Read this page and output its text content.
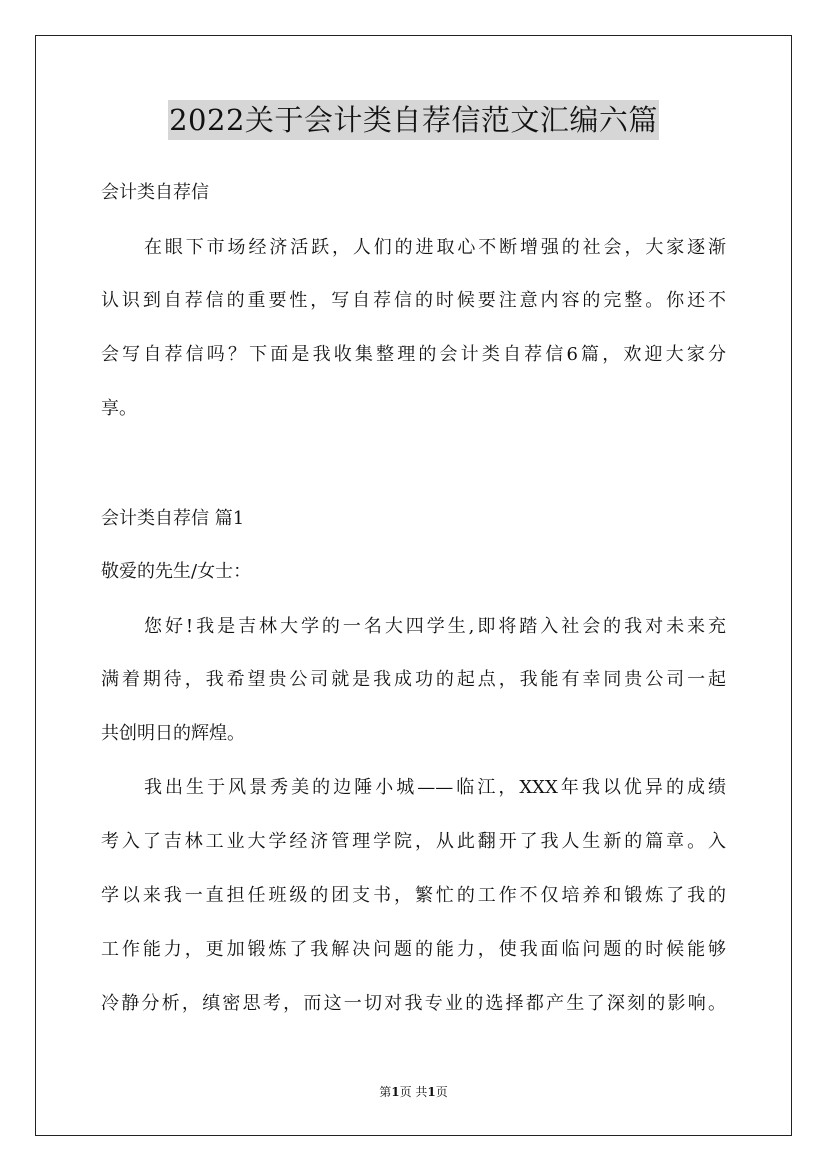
2022关于会计类自荐信范文汇编六篇
会计类自荐信
在眼下市场经济活跃，人们的进取心不断增强的社会，大家逐渐
认识到自荐信的重要性，写自荐信的时候要注意内容的完整。你还不
会写自荐信吗？下面是我收集整理的会计类自荐信6篇，欢迎大家分
享。
会计类自荐信 篇1
敬爱的先生/女士：
您好!我是吉林大学的一名大四学生,即将踏入社会的我对未来充
满着期待，我希望贵公司就是我成功的起点，我能有幸同贵公司一起
共创明日的辉煌。
我出生于风景秀美的边陲小城——临江，XXX年我以优异的成绩
考入了吉林工业大学经济管理学院，从此翻开了我人生新的篇章。入
学以来我一直担任班级的团支书，繁忙的工作不仅培养和锻炼了我的
工作能力，更加锻炼了我解决问题的能力，使我面临问题的时候能够
冷静分析，缜密思考，而这一切对我专业的选择都产生了深刻的影响。
第1页 共1页
